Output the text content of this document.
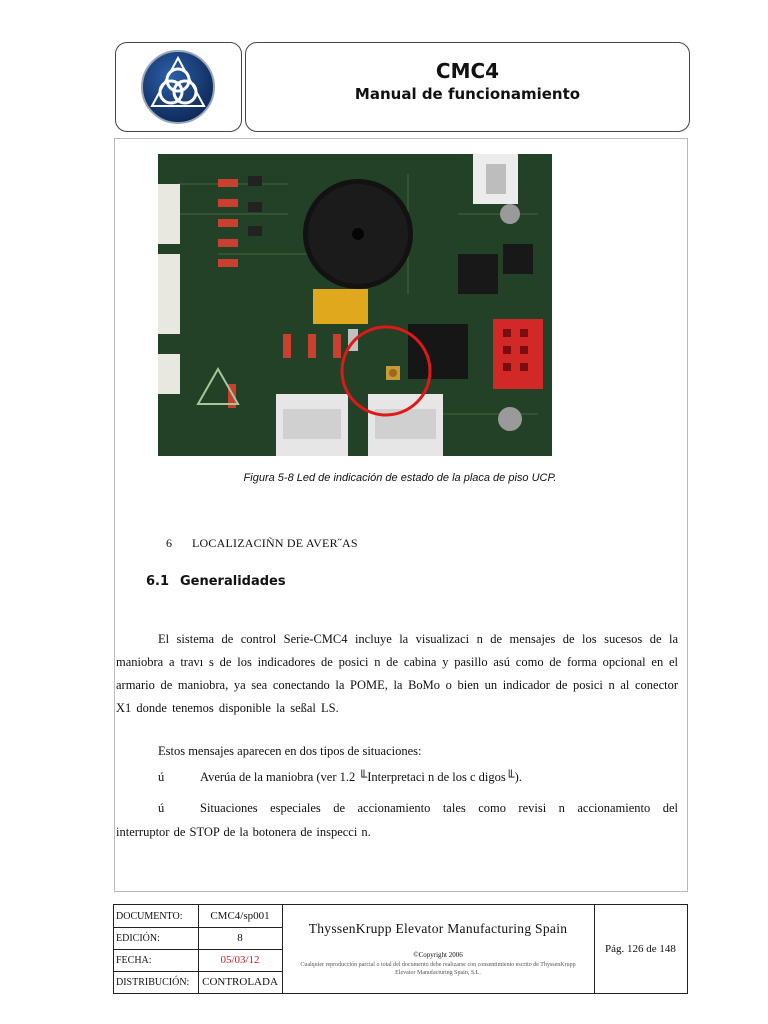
CMC4
Manual de funcionamiento
Figura 5-8 Led de indicación de estado de la placa de piso UCP.
6 LOCALIZACIÑN DE AVER˝AS
6.1 Generalidades
El sistema de control Serie-CMC4 incluye la visualizaci n de mensajes de los sucesos de la maniobra a travı s de los indicadores de posici n de cabina y pasillo asú como de forma opcional en el armario de maniobra, ya sea conectando la POME, la BoMo o bien un indicador de posici n al conector X1 donde tenemos disponible la seßal LS.
Estos mensajes aparecen en dos tipos de situaciones:
ú	Averúa de la maniobra (ver 1.2 ╙Interpretaci n de los c digos╙).
ú	Situaciones especiales de accionamiento tales como revisi n accionamiento del
interruptor de STOP de la botonera de inspecci n.
DOCUMENTO:	CMC4/sp001
EDICIÓN:	8
FECHA:	05/03/12
DISTRIBUCIÓN:	CONTROLADA
ThyssenKrupp Elevator Manufacturing Spain
©Copyright 2006
Cualquier reproducción parcial o total del documento debe realizarse con consentimiento escrito de ThyssenKrupp Elevator Manufacturing Spain, S.L.
Pág. 126 de 148
